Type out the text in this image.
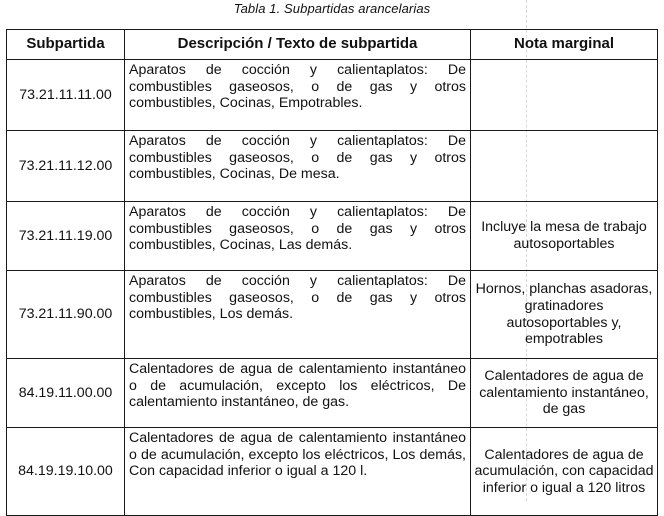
Tabla 1. Subpartidas arancelarias
Subpartida	Descripción / Texto de subpartida	Nota marginal
73.21.11.11.00	Aparatos de cocción y calientaplatos: De combustibles gaseosos, o de gas y otros combustibles, Cocinas, Empotrables.	
73.21.11.12.00	Aparatos de cocción y calientaplatos: De combustibles gaseosos, o de gas y otros combustibles, Cocinas, De mesa.	
73.21.11.19.00	Aparatos de cocción y calientaplatos: De combustibles gaseosos, o de gas y otros combustibles, Cocinas, Las demás.	Incluye la mesa de trabajo autosoportables
73.21.11.90.00	Aparatos de cocción y calientaplatos: De combustibles gaseosos, o de gas y otros combustibles, Los demás.	Hornos, planchas asadoras, gratinadores autosoportables y, empotrables
84.19.11.00.00	Calentadores de agua de calentamiento instantáneo o de acumulación, excepto los eléctricos, De calentamiento instantáneo, de gas.	Calentadores de agua de calentamiento instantáneo, de gas
84.19.19.10.00	Calentadores de agua de calentamiento instantáneo o de acumulación, excepto los eléctricos, Los demás, Con capacidad inferior o igual a 120 l.	Calentadores de agua de acumulación, con capacidad inferior o igual a 120 litros
